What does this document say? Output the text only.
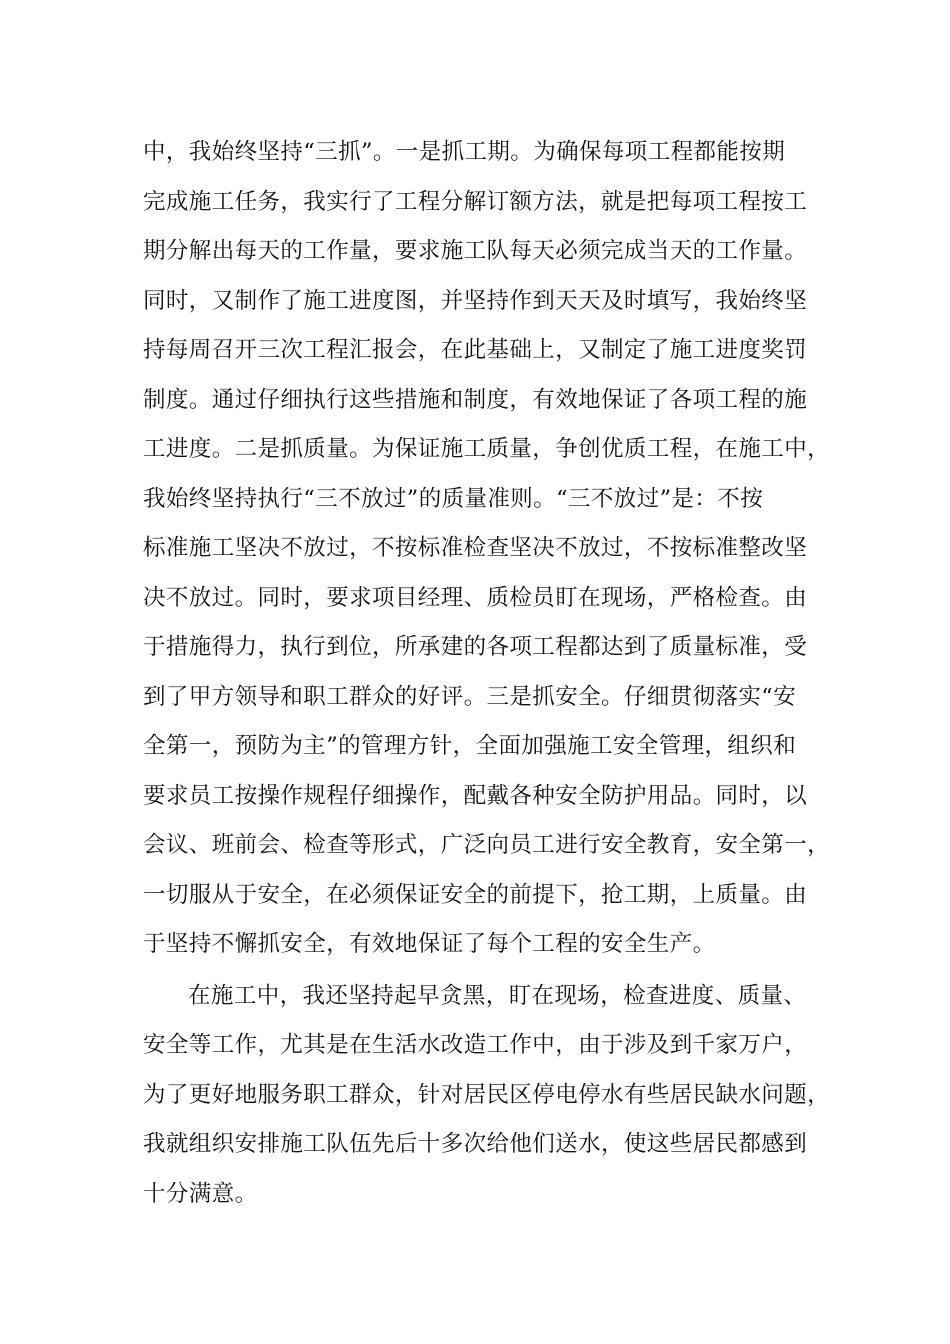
中，我始终坚持“三抓”。一是抓工期。为确保每项工程都能按期
完成施工任务，我实行了工程分解订额方法，就是把每项工程按工
期分解出每天的工作量，要求施工队每天必须完成当天的工作量。
同时，又制作了施工进度图，并坚持作到天天及时填写，我始终坚
持每周召开三次工程汇报会，在此基础上，又制定了施工进度奖罚
制度。通过仔细执行这些措施和制度，有效地保证了各项工程的施
工进度。二是抓质量。为保证施工质量，争创优质工程，在施工中，
我始终坚持执行“三不放过”的质量准则。“三不放过”是：不按
标准施工坚决不放过，不按标准检查坚决不放过，不按标准整改坚
决不放过。同时，要求项目经理、质检员盯在现场，严格检查。由
于措施得力，执行到位，所承建的各项工程都达到了质量标准，受
到了甲方领导和职工群众的好评。三是抓安全。仔细贯彻落实“安
全第一，预防为主”的管理方针，全面加强施工安全管理，组织和
要求员工按操作规程仔细操作，配戴各种安全防护用品。同时，以
会议、班前会、检查等形式，广泛向员工进行安全教育，安全第一，
一切服从于安全，在必须保证安全的前提下，抢工期，上质量。由
于坚持不懈抓安全，有效地保证了每个工程的安全生产。
在施工中，我还坚持起早贪黑，盯在现场，检查进度、质量、
安全等工作，尤其是在生活水改造工作中，由于涉及到千家万户，
为了更好地服务职工群众，针对居民区停电停水有些居民缺水问题，
我就组织安排施工队伍先后十多次给他们送水，使这些居民都感到
十分满意。
